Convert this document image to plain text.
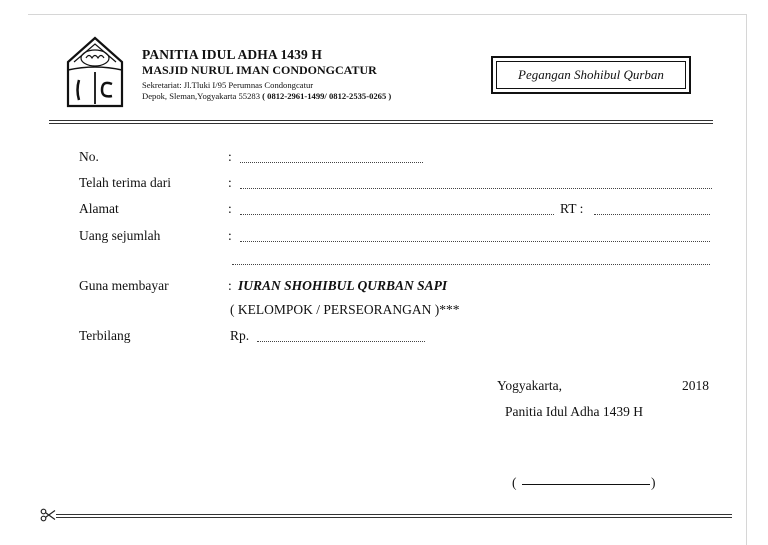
PANITIA IDUL ADHA 1439 H
MASJID NURUL IMAN CONDONGCATUR
Sekretariat: Jl.Tluki I/95 Perumnas Condongcatur
Depok, Sleman,Yogyakarta 55283 ( 0812-2961-1499/ 0812-2535-0265 )
Pegangan Shohibul Qurban
No.	:
Telah terima dari	:
Alamat	:	RT :
Uang sejumlah	:
Guna membayar	: IURAN SHOHIBUL QURBAN SAPI
( KELOMPOK / PERSEORANGAN )***
Terbilang	Rp.
Yogyakarta,	2018
Panitia Idul Adha 1439 H
(	)
